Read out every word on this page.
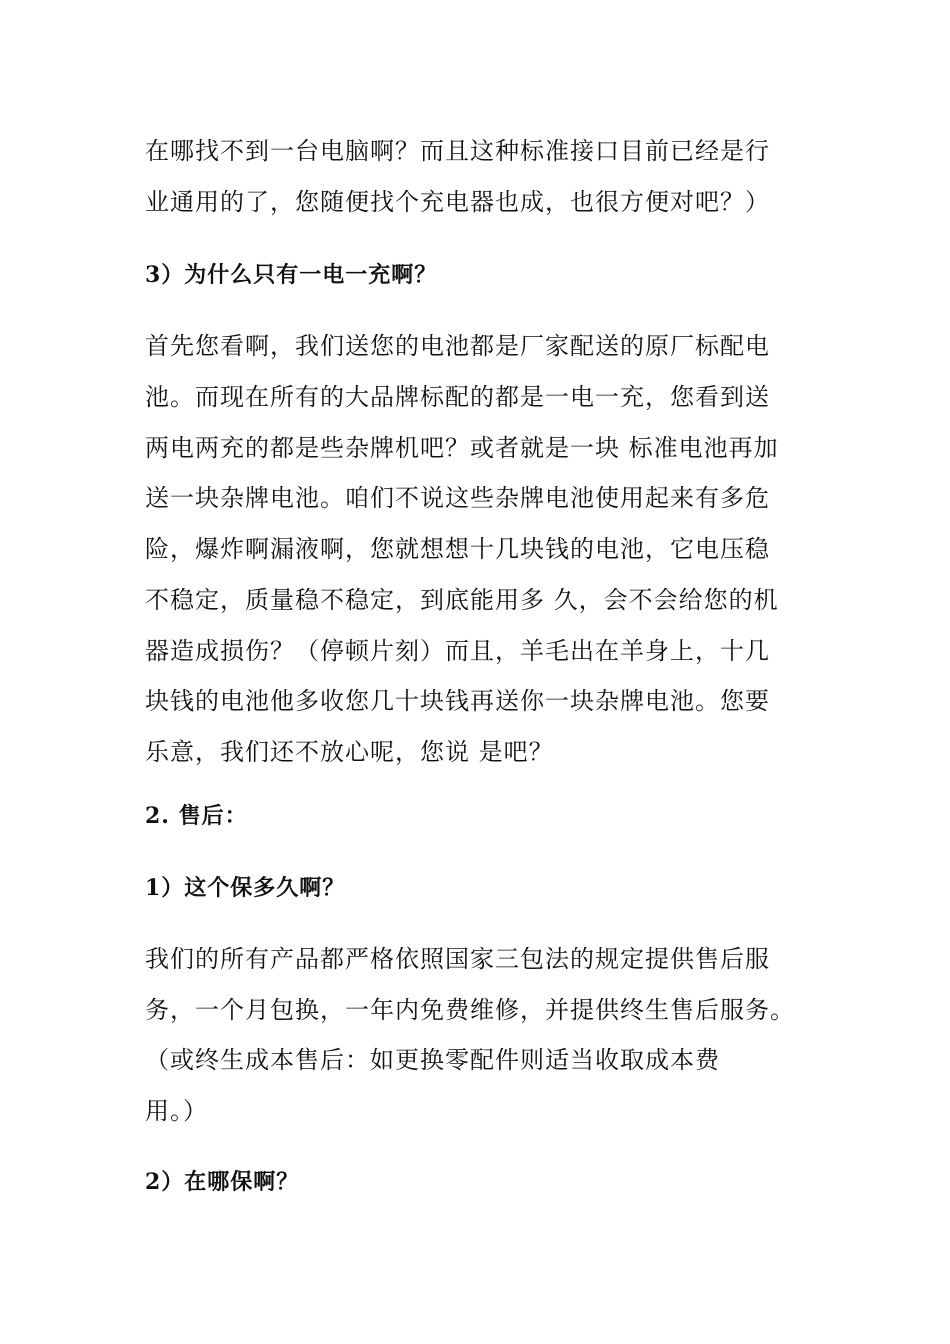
在哪找不到一台电脑啊？而且这种标准接口目前已经是行
业通用的了，您随便找个充电器也成，也很方便对吧？）
3）为什么只有一电一充啊？
首先您看啊，我们送您的电池都是厂家配送的原厂标配电
池。而现在所有的大品牌标配的都是一电一充，您看到送
两电两充的都是些杂牌机吧？或者就是一块 标准电池再加
送一块杂牌电池。咱们不说这些杂牌电池使用起来有多危
险，爆炸啊漏液啊，您就想想十几块钱的电池，它电压稳
不稳定，质量稳不稳定，到底能用多 久，会不会给您的机
器造成损伤？（停顿片刻）而且，羊毛出在羊身上，十几
块钱的电池他多收您几十块钱再送你一块杂牌电池。您要
乐意，我们还不放心呢，您说 是吧？
2. 售后：
1）这个保多久啊？
我们的所有产品都严格依照国家三包法的规定提供售后服
务，一个月包换，一年内免费维修，并提供终生售后服务。
（或终生成本售后：如更换零配件则适当收取成本费
用。）
2）在哪保啊？
